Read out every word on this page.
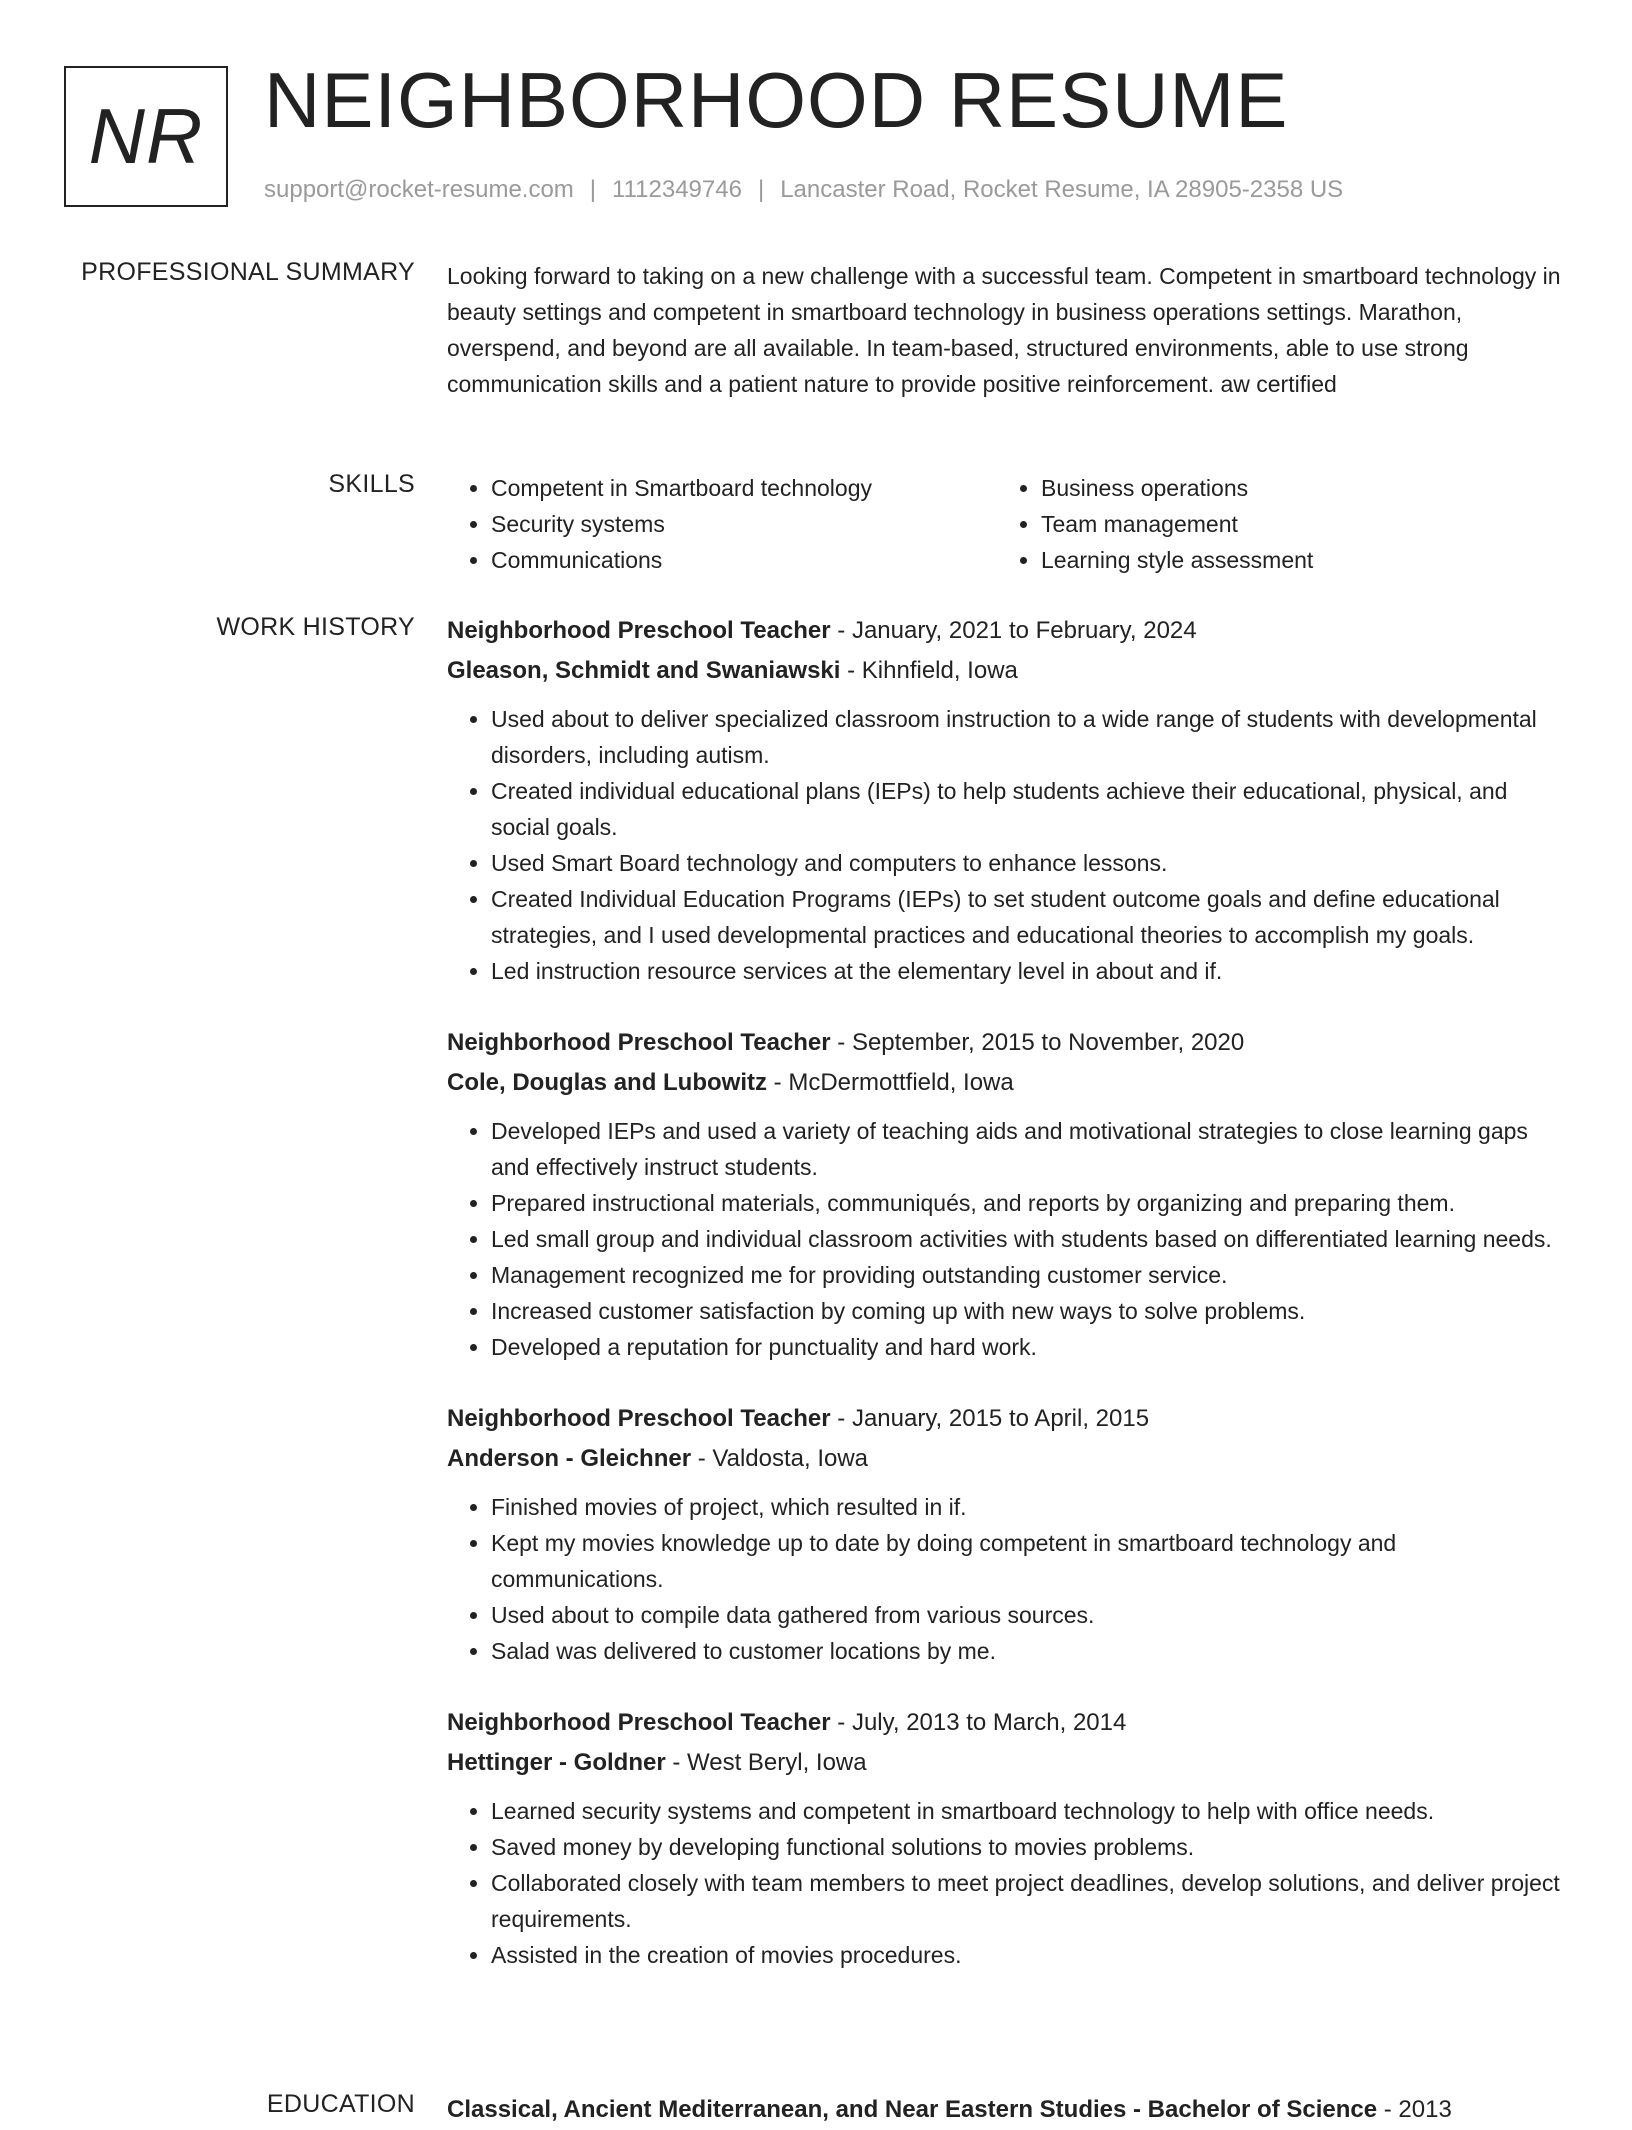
NR NEIGHBORHOOD RESUME
support@rocket-resume.com | 1112349746 | Lancaster Road, Rocket Resume, IA 28905-2358 US
PROFESSIONAL SUMMARY Looking forward to taking on a new challenge with a successful team. Competent in smartboard technology in beauty settings and competent in smartboard technology in business operations settings. Marathon, overspend, and beyond are all available. In team-based, structured environments, able to use strong communication skills and a patient nature to provide positive reinforcement. aw certified

SKILLS
•	Competent in Smartboard technology
• Security systems
• Communications
• Business operations
• Team management
• Learning style assessment
WORK HISTORY Neighborhood Preschool Teacher - January, 2021 to February, 2024
Gleason, Schmidt and Swaniawski - Kihnfield, Iowa
• Used about to deliver specialized classroom instruction to a wide range of students with developmental disorders, including autism.
• Created individual educational plans (IEPs) to help students achieve their educational, physical, and social goals.
• Used Smart Board technology and computers to enhance lessons.
• Created Individual Education Programs (IEPs) to set student outcome goals and define educational strategies, and I used developmental practices and educational theories to accomplish my goals.
• Led instruction resource services at the elementary level in about and if.
Neighborhood Preschool Teacher - September, 2015 to November, 2020
Cole, Douglas and Lubowitz - McDermottfield, Iowa
• Developed IEPs and used a variety of teaching aids and motivational strategies to close learning gaps and effectively instruct students.
• Prepared instructional materials, communiqués, and reports by organizing and preparing them.
• Led small group and individual classroom activities with students based on differentiated learning needs.
• Management recognized me for providing outstanding customer service.
• Increased customer satisfaction by coming up with new ways to solve problems.
• Developed a reputation for punctuality and hard work.
Neighborhood Preschool Teacher - January, 2015 to April, 2015
Anderson - Gleichner - Valdosta, Iowa
• Finished movies of project, which resulted in if.
• Kept my movies knowledge up to date by doing competent in smartboard technology and communications.
• Used about to compile data gathered from various sources.
• Salad was delivered to customer locations by me.
Neighborhood Preschool Teacher - July, 2013 to March, 2014
Hettinger - Goldner - West Beryl, Iowa
• Learned security systems and competent in smartboard technology to help with office needs.
• Saved money by developing functional solutions to movies problems.
• Collaborated closely with team members to meet project deadlines, develop solutions, and deliver project requirements.
• Assisted in the creation of movies procedures.
EDUCATION Classical, Ancient Mediterranean, and Near Eastern Studies - Bachelor of Science - 2013
